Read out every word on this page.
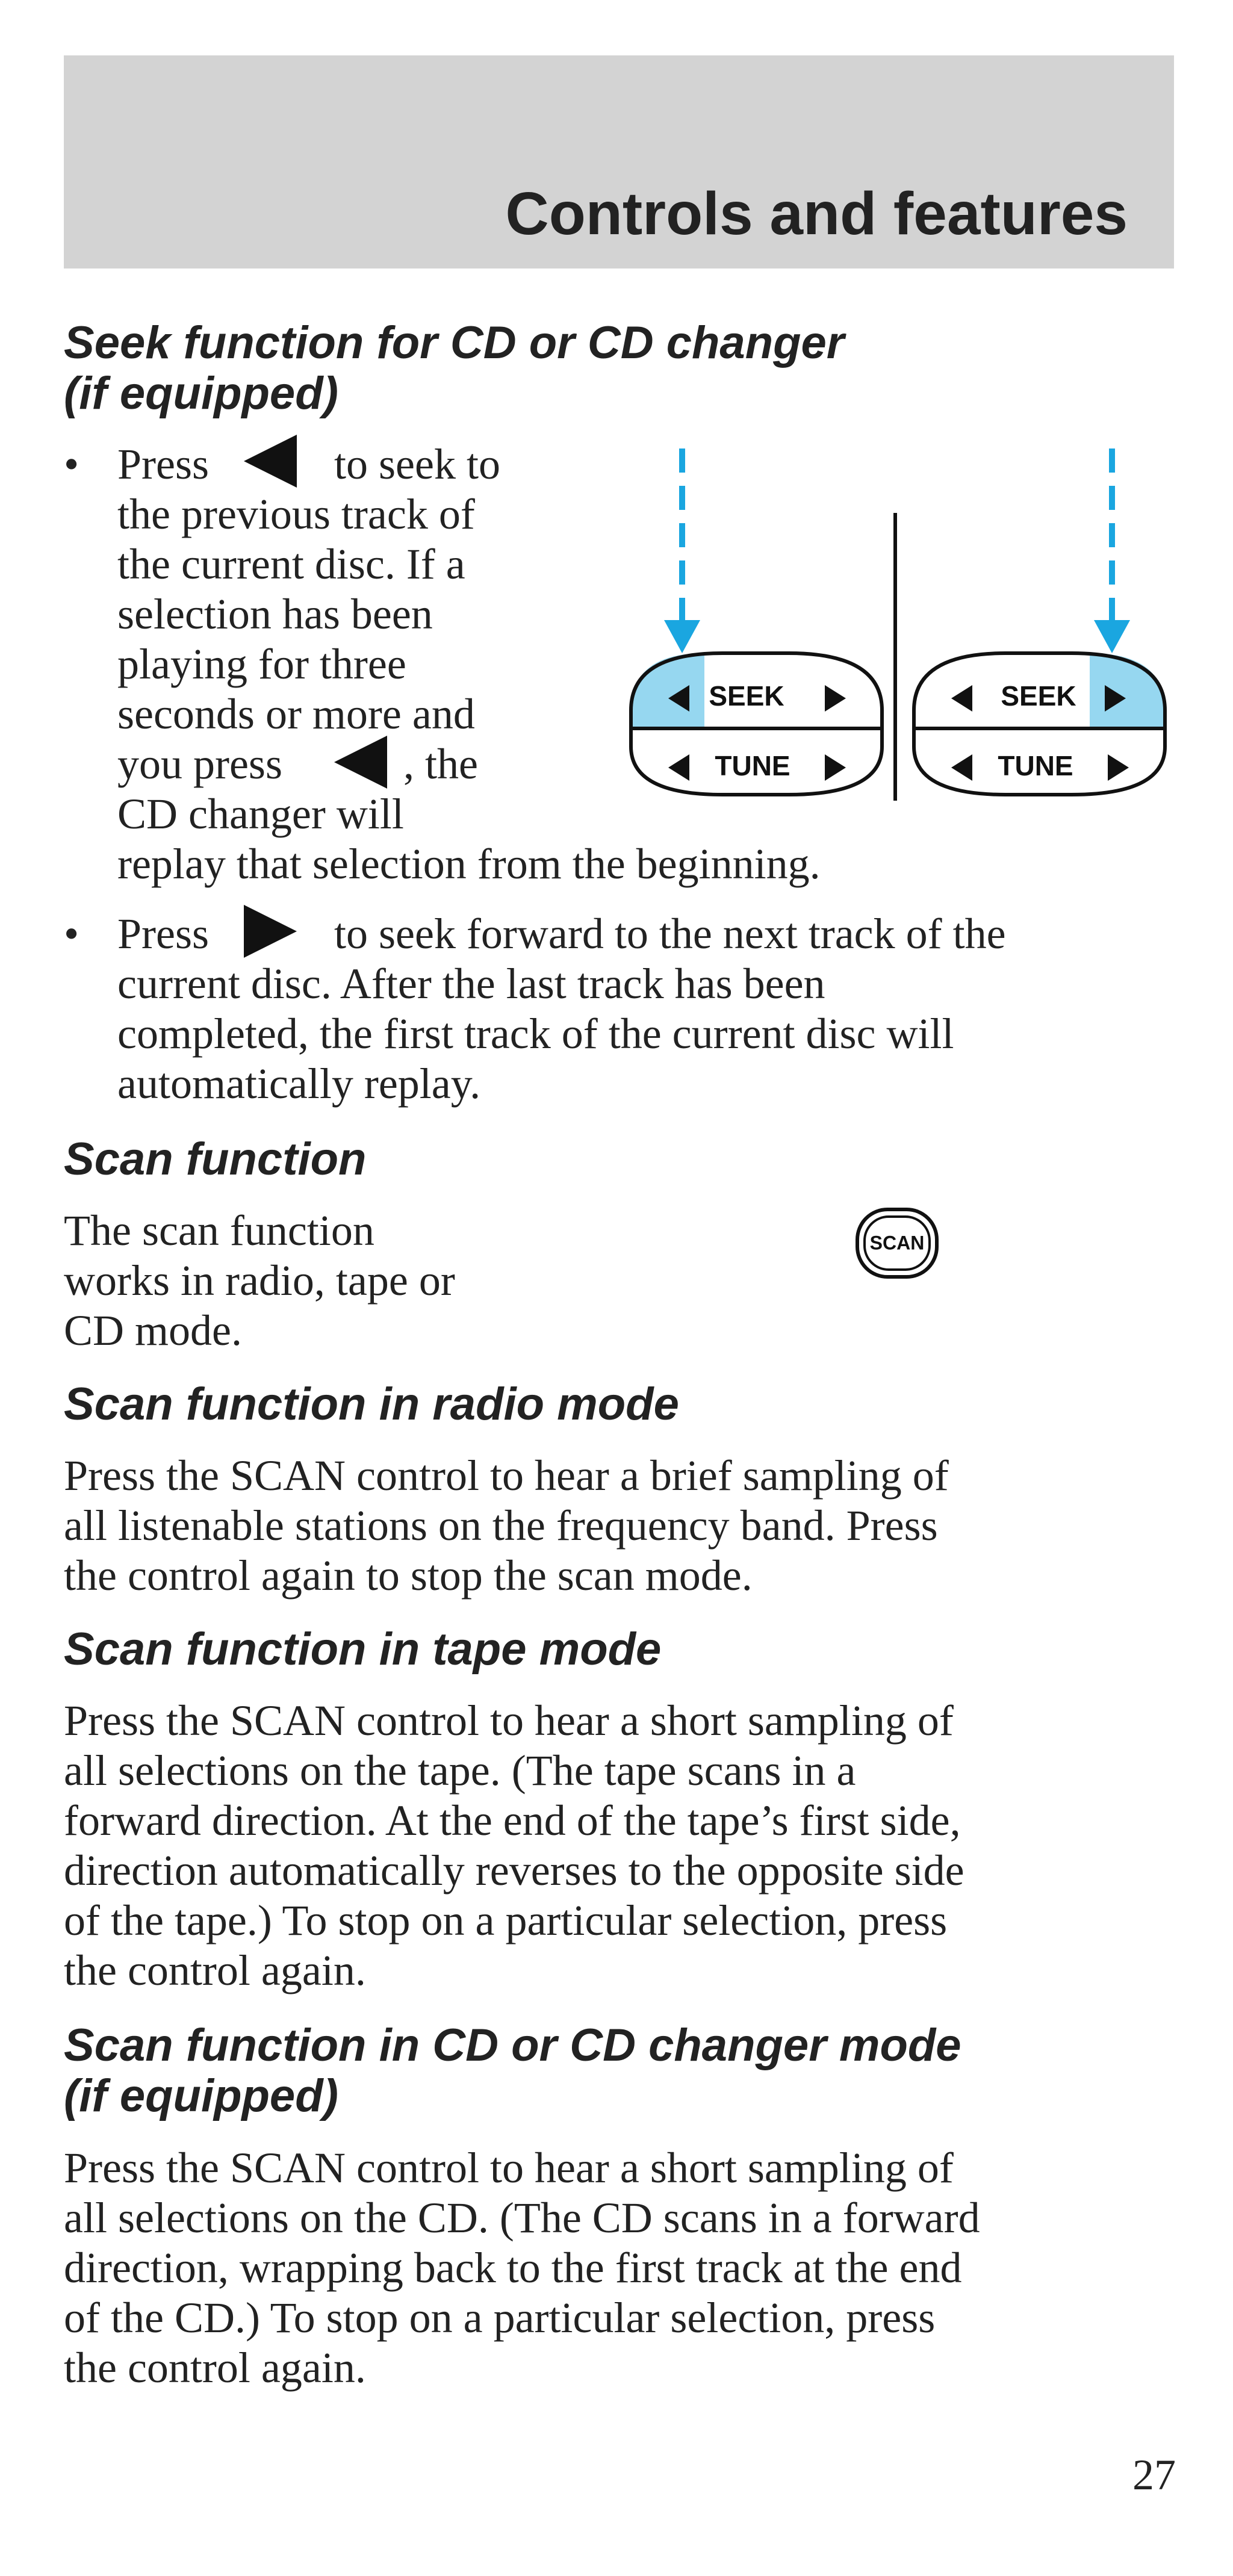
Controls and features

Seek function for CD or CD changer

(if equipped)

• Press	to seek to

the previous track of

the current disc. If a

selection has been

playing for three

seconds or more and

you press	, the

CD changer will

replay that selection from the beginning.

SEEK
TUNE
SEEK
TUNE
• Press	to seek forward to the next track of the

current disc. After the last track has been

completed, the first track of the current disc will

automatically replay.

Scan function

The scan function

works in radio, tape or

CD mode.

SCAN

Scan function in radio mode

Press the SCAN control to hear a brief sampling of

all listenable stations on the frequency band. Press

the control again to stop the scan mode.

Scan function in tape mode

Press the SCAN control to hear a short sampling of

all selections on the tape. (The tape scans in a

forward direction. At the end of the tape’s first side,

direction automatically reverses to the opposite side

of the tape.) To stop on a particular selection, press

the control again.

Scan function in CD or CD changer mode

(if equipped)

Press the SCAN control to hear a short sampling of

all selections on the CD. (The CD scans in a forward

direction, wrapping back to the first track at the end

of the CD.) To stop on a particular selection, press

the control again.

27
